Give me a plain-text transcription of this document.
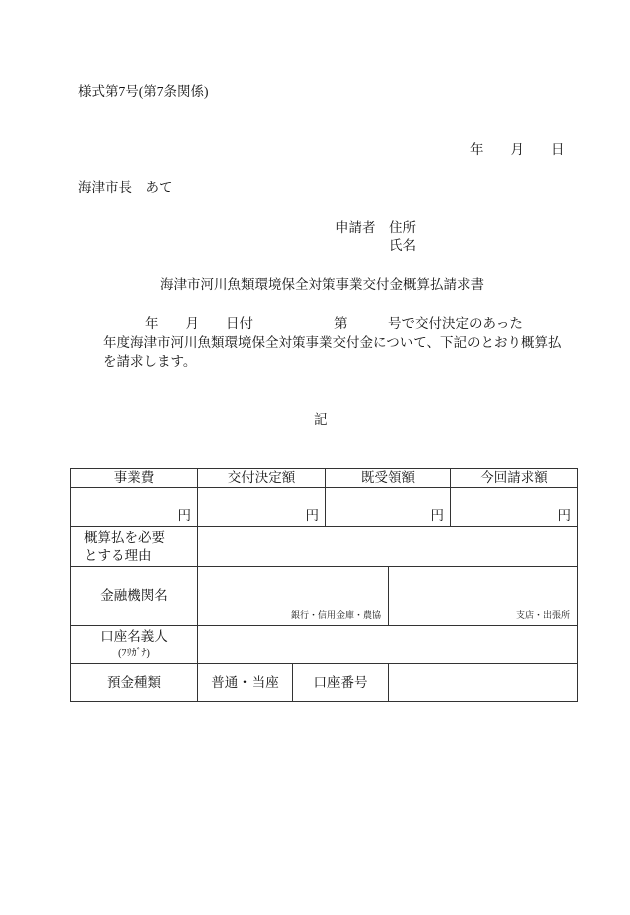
様式第7号(第7条関係)
年　　月　　日
海津市長　あて
申請者 住所
氏名
海津市河川魚類環境保全対策事業交付金概算払請求書
年　　月　　日付　　　　　　第　　　号で交付決定のあった
年度海津市河川魚類環境保全対策事業交付金について、下記のとおり概算払
を請求します。
記
事業費	交付決定額		既受領額		今回請求額
円	円		円		円

概算払を必要
とする理由					

金融機関名	銀行・信用金庫・農協			支店・出張所	

口座名義人
(ﾌﾘｶﾞﾅ)					

預金種類	普通・当座	口座番号			
